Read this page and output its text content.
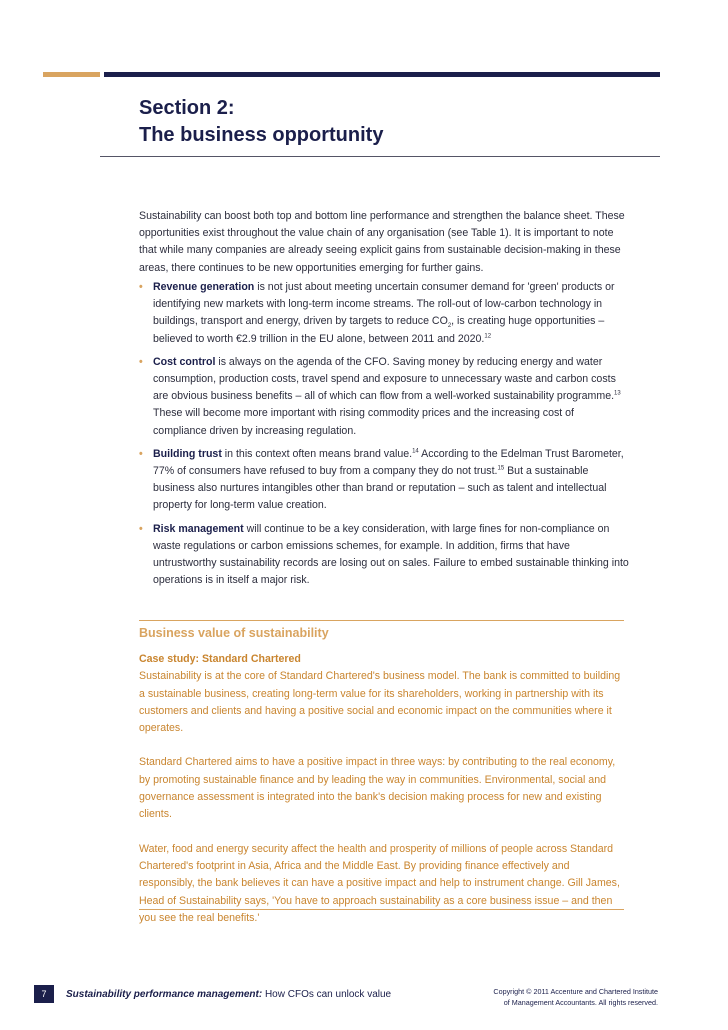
Section 2:
The business opportunity

Sustainability can boost both top and bottom line performance and strengthen the balance sheet. These opportunities exist throughout the value chain of any organisation (see Table 1). It is important to note that while many companies are already seeing explicit gains from sustainable decision-making in these areas, there continues to be new opportunities emerging for further gains.

• Revenue generation is not just about meeting uncertain consumer demand for 'green' products or identifying new markets with long-term income streams. The roll-out of low-carbon technology in buildings, transport and energy, driven by targets to reduce $CO_2$, is creating huge opportunities – believed to worth €2.9 trillion in the EU alone, between 2011 and 2020.12
• Cost control is always on the agenda of the CFO. Saving money by reducing energy and water consumption, production costs, travel spend and exposure to unnecessary waste and carbon costs are obvious business benefits – all of which can flow from a well-worked sustainability programme.$^{13}$ These will become more important with rising commodity prices and the increasing cost of compliance driven by increasing regulation.
• Building trust in this context often means brand value.$^{14}$ According to the Edelman Trust Barometer, 77% of consumers have refused to buy from a company they do not trust.$^{15}$ But a sustainable business also nurtures intangibles other than brand or reputation – such as talent and intellectual property for long-term value creation.
• Risk management will continue to be a key consideration, with large fines for non-compliance on waste regulations or carbon emissions schemes, for example. In addition, firms that have untrustworthy sustainability records are losing out on sales. Failure to embed sustainable thinking into operations is in itself a major risk.
Business value of sustainability

Case study: Standard Chartered
Sustainability is at the core of Standard Chartered's business model. The bank is committed to building a sustainable business, creating long-term value for its shareholders, working in partnership with its customers and clients and having a positive social and economic impact on the communities where it operates.

Standard Chartered aims to have a positive impact in three ways: by contributing to the real economy, by promoting sustainable finance and by leading the way in communities. Environmental, social and governance assessment is integrated into the bank's decision making process for new and existing clients.

Water, food and energy security affect the health and prosperity of millions of people across Standard Chartered's footprint in Asia, Africa and the Middle East. By providing finance effectively and responsibly, the bank believes it can have a positive impact and help to instrument change. Gill James, Head of Sustainability says, 'You have to approach sustainability as a core business issue – and then you see the real benefits.'

7	Sustainability performance management: How CFOs can unlock value	Copyright © 2011 Accenture and Chartered Institute
of Management Accountants. All rights reserved.
